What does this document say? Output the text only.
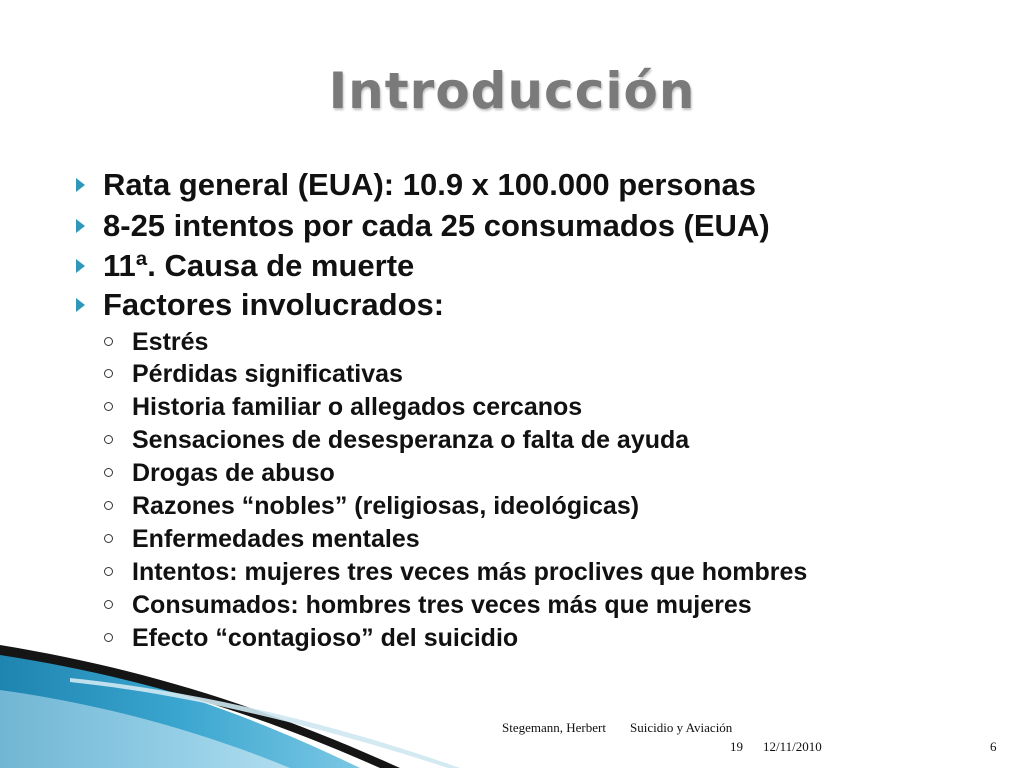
Introducción
Rata general (EUA): 10.9 x 100.000 personas
8-25 intentos por cada 25 consumados (EUA)
11ª. Causa de muerte
Factores involucrados:
Estrés
Pérdidas significativas
Historia familiar o allegados cercanos
Sensaciones de desesperanza o falta de ayuda
Drogas de abuso
Razones “nobles” (religiosas, ideológicas)
Enfermedades mentales
Intentos: mujeres tres veces más proclives que hombres
Consumados: hombres tres veces más que mujeres
Efecto “contagioso” del suicidio
Stegemann, Herbert Suicidio y Aviación
19 12/11/2010	6
